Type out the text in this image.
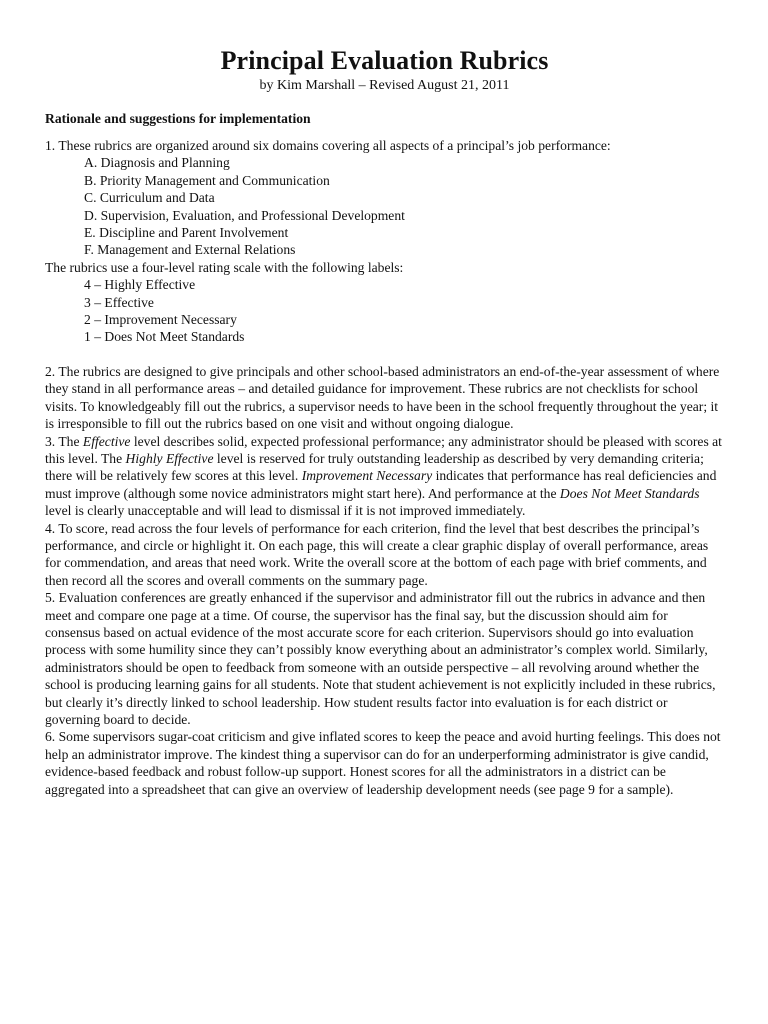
Principal Evaluation Rubrics

by Kim Marshall – Revised August 21, 2011

Rationale and suggestions for implementation

1. These rubrics are organized around six domains covering all aspects of a principal’s job performance:

A. Diagnosis and Planning
B. Priority Management and Communication
C. Curriculum and Data
D. Supervision, Evaluation, and Professional Development
E. Discipline and Parent Involvement
F. Management and External Relations

The rubrics use a four-level rating scale with the following labels:

4 – Highly Effective
3 – Effective
2 – Improvement Necessary
1 – Does Not Meet Standards

2. The rubrics are designed to give principals and other school-based administrators an end-of-the-year assessment of where they stand in all performance areas – and detailed guidance for improvement. These rubrics are not checklists for school visits. To knowledgeably fill out the rubrics, a supervisor needs to have been in the school frequently throughout the year; it is irresponsible to fill out the rubrics based on one visit and without ongoing dialogue.

3. The Effective level describes solid, expected professional performance; any administrator should be pleased with scores at this level. The Highly Effective level is reserved for truly outstanding leadership as described by very demanding criteria; there will be relatively few scores at this level. Improvement Necessary indicates that performance has real deficiencies and must improve (although some novice administrators might start here). And performance at the Does Not Meet Standards level is clearly unacceptable and will lead to dismissal if it is not improved immediately.

4. To score, read across the four levels of performance for each criterion, find the level that best describes the principal’s performance, and circle or highlight it. On each page, this will create a clear graphic display of overall performance, areas for commendation, and areas that need work. Write the overall score at the bottom of each page with brief comments, and then record all the scores and overall comments on the summary page.

5. Evaluation conferences are greatly enhanced if the supervisor and administrator fill out the rubrics in advance and then meet and compare one page at a time. Of course, the supervisor has the final say, but the discussion should aim for consensus based on actual evidence of the most accurate score for each criterion. Supervisors should go into evaluation process with some humility since they can’t possibly know everything about an administrator’s complex world. Similarly, administrators should be open to feedback from someone with an outside perspective – all revolving around whether the school is producing learning gains for all students. Note that student achievement is not explicitly included in these rubrics, but clearly it’s directly linked to school leadership. How student results factor into evaluation is for each district or governing board to decide.

6. Some supervisors sugar-coat criticism and give inflated scores to keep the peace and avoid hurting feelings. This does not help an administrator improve. The kindest thing a supervisor can do for an underperforming administrator is give candid, evidence-based feedback and robust follow-up support. Honest scores for all the administrators in a district can be aggregated into a spreadsheet that can give an overview of leadership development needs (see page 9 for a sample).
